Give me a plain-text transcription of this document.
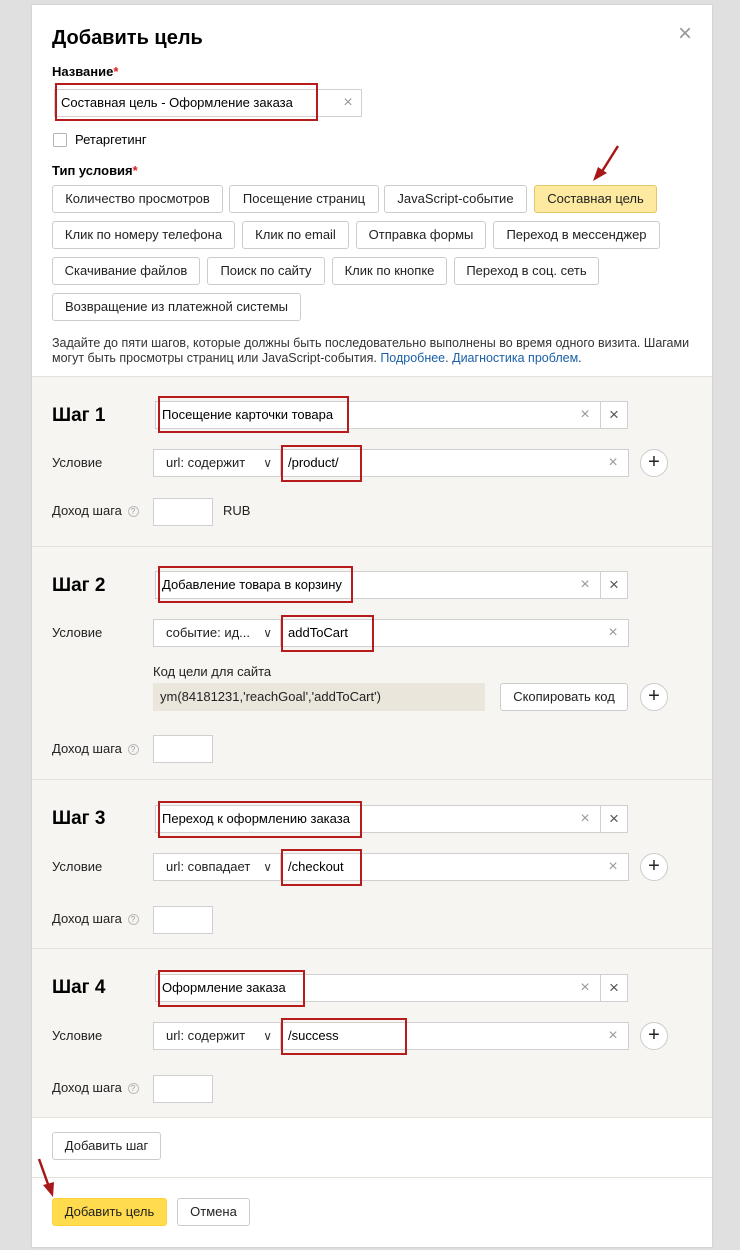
Добавить цель	×
Название*
Составная цель - Оформление заказа	×
Ретаргетинг
Тип условия*
Количество просмотров	Посещение страниц	JavaScript-событие	Составная цель
Клик по номеру телефона	Клик по email	Отправка формы	Переход в мессенджер
Скачивание файлов	Поиск по сайту	Клик по кнопке	Переход в соц. сеть
Возвращение из платежной системы
Задайте до пяти шагов, которые должны быть последовательно выполнены во время одного визита. Шагами могут быть просмотры страниц или JavaScript-события. Подробнее. Диагностика проблем.
Шаг 1	Посещение карточки товара	×	×
Условие	url: содержит ∨	/product/	×	+
Доход шага ?	RUB
Шаг 2	Добавление товара в корзину	×	×
Условие	событие: ид... ∨	addToCart	×
Код цели для сайта
ym(84181231,'reachGoal','addToCart')	Скопировать код	+
Доход шага ?
Шаг 3	Переход к оформлению заказа	×	×
Условие	url: совпадает ∨	/checkout	×	+
Доход шага ?
Шаг 4	Оформление заказа	×	×
Условие	url: содержит ∨	/success	×	+
Доход шага ?
Добавить шаг
Добавить цель	Отмена
